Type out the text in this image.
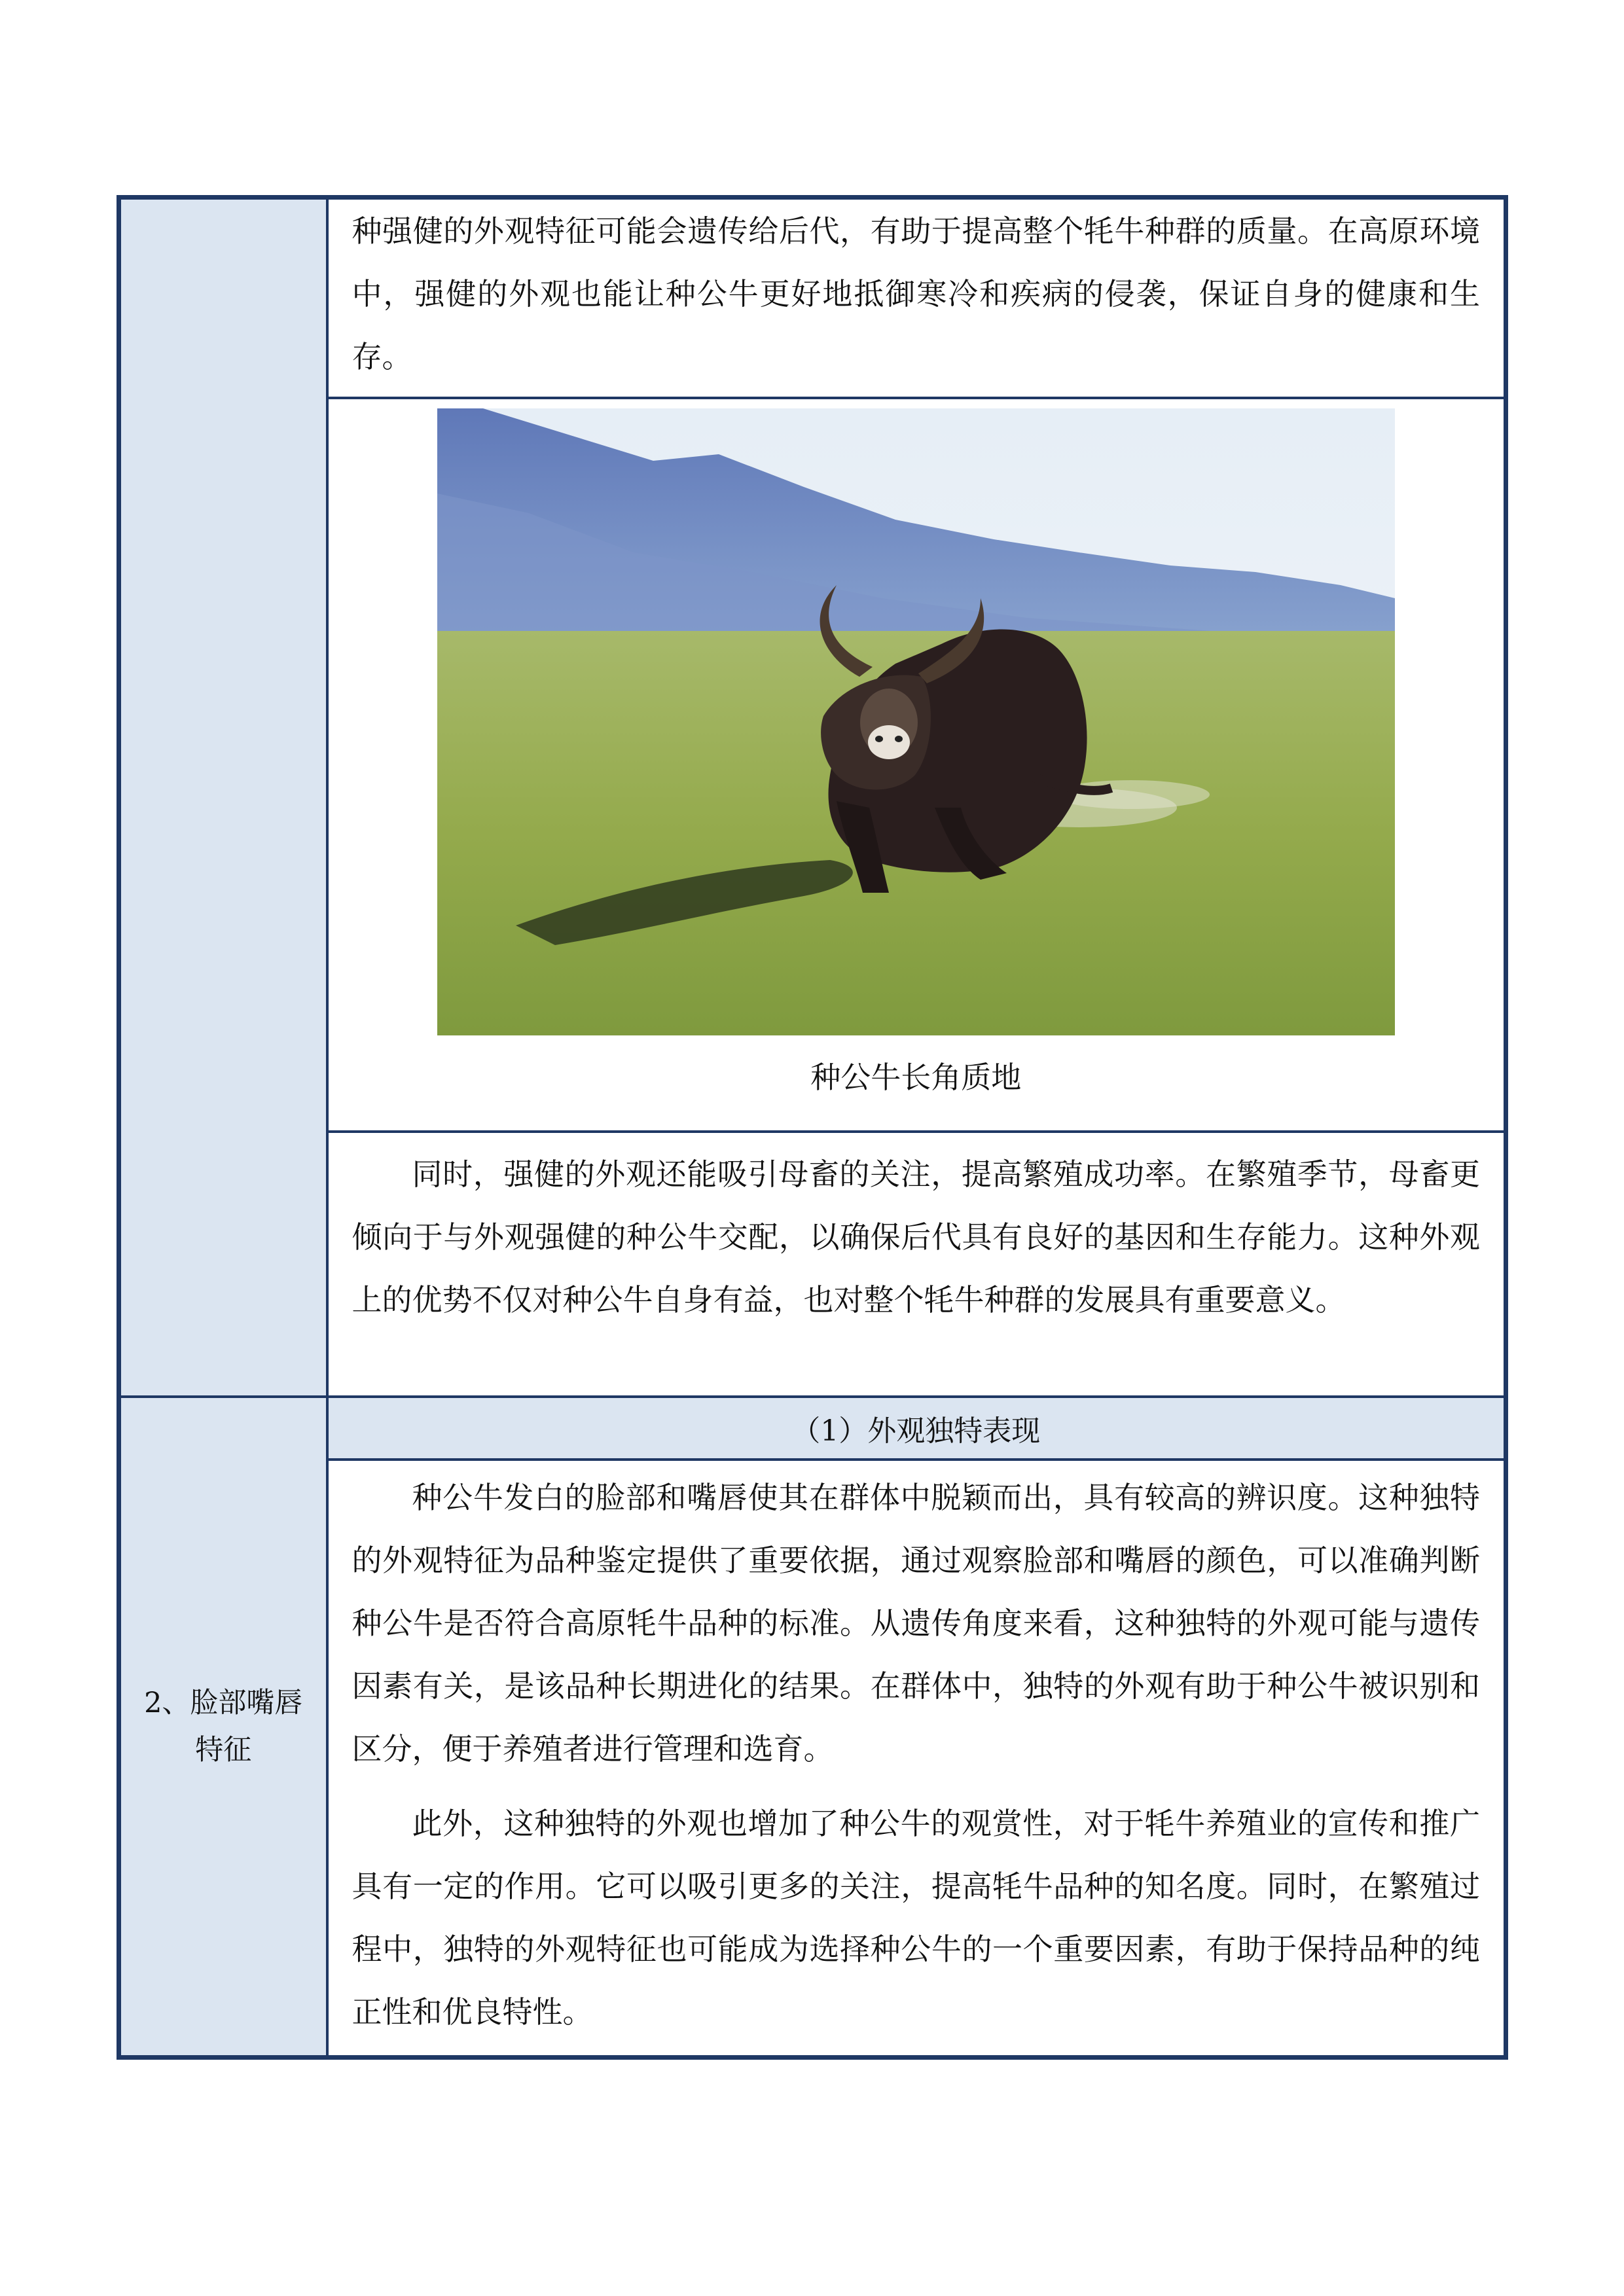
	种强健的外观特征可能会遗传给后代，有助于提高整个牦牛种群的质量。在高原环境中，强健的外观也能让种公牛更好地抵御寒冷和疾病的侵袭，保证自身的健康和生存。

	种公牛长角质地

	同时，强健的外观还能吸引母畜的关注，提高繁殖成功率。在繁殖季节，母畜更倾向于与外观强健的种公牛交配，以确保后代具有良好的基因和生存能力。这种外观上的优势不仅对种公牛自身有益，也对整个牦牛种群的发展具有重要意义。

2、脸部嘴唇特征	（1）外观独特表现

	种公牛发白的脸部和嘴唇使其在群体中脱颖而出，具有较高的辨识度。这种独特的外观特征为品种鉴定提供了重要依据，通过观察脸部和嘴唇的颜色，可以准确判断种公牛是否符合高原牦牛品种的标准。从遗传角度来看，这种独特的外观可能与遗传因素有关，是该品种长期进化的结果。在群体中，独特的外观有助于种公牛被识别和区分，便于养殖者进行管理和选育。

此外，这种独特的外观也增加了种公牛的观赏性，对于牦牛养殖业的宣传和推广具有一定的作用。它可以吸引更多的关注，提高牦牛品种的知名度。同时，在繁殖过程中，独特的外观特征也可能成为选择种公牛的一个重要因素，有助于保持品种的纯正性和优良特性。
